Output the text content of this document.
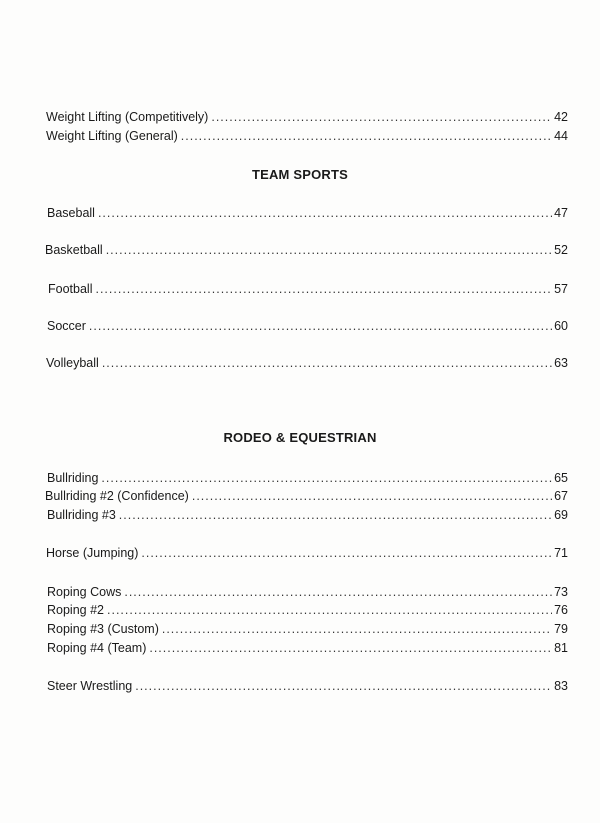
Weight Lifting (Competitively) .....	42
Weight Lifting (General) .....	44
TEAM SPORTS
Baseball .....	47
Basketball .....	52
Football .....	57
Soccer .....	60
Volleyball .....	63
RODEO & EQUESTRIAN
Bullriding .....	65
Bullriding #2 (Confidence) .....	67
Bullriding #3 .....	69
Horse (Jumping) .....	71
Roping Cows .....	73
Roping #2 .....	76
Roping #3 (Custom) .....	79
Roping #4 (Team) .....	81
Steer Wrestling .....	83
